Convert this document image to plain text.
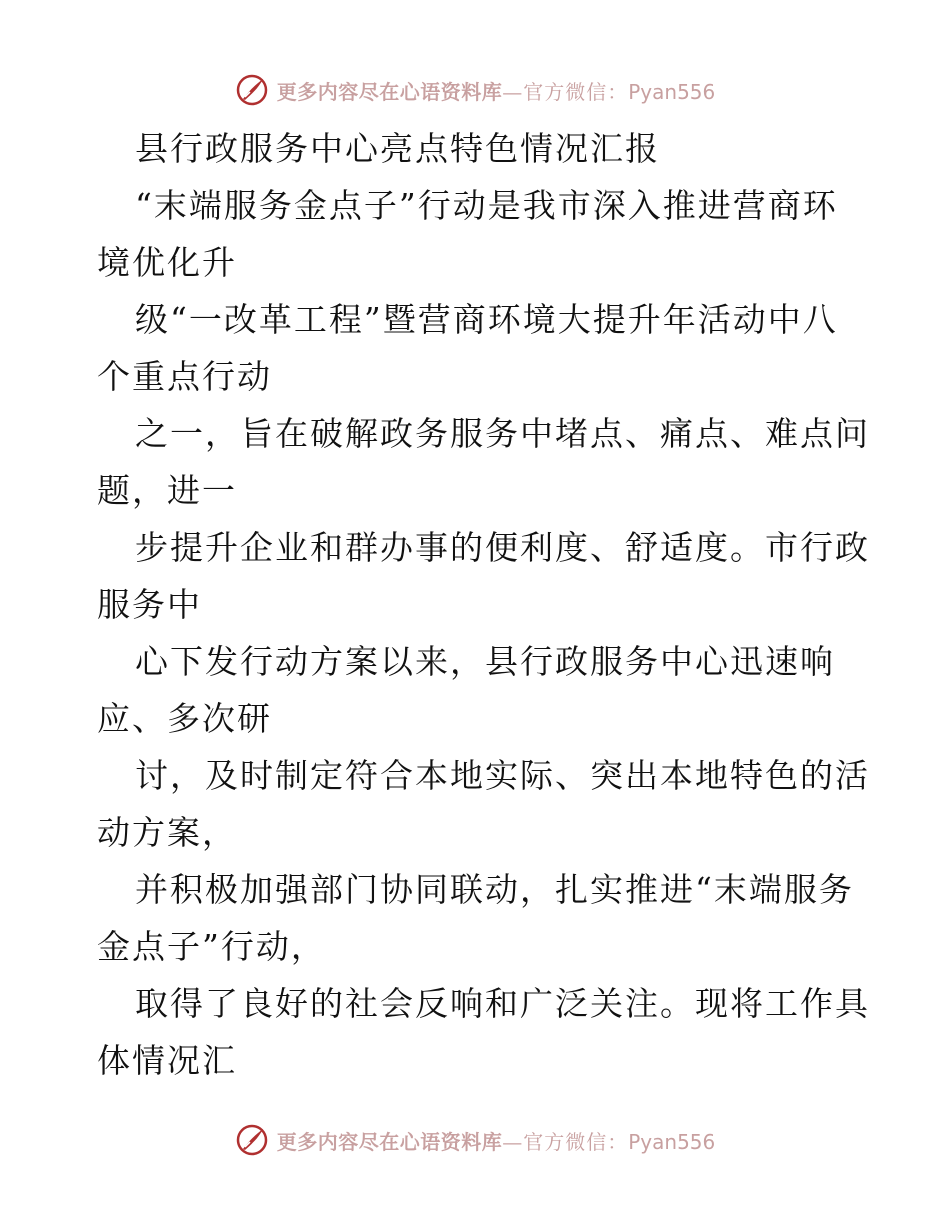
更多内容尽在心语资料库 —官方微信： Pyan556
县行政服务中心亮点特色情况汇报
“末端服务金点子”行动是我市深入推进营商环
境优化升
级“一改革工程”暨营商环境大提升年活动中八
个重点行动
之一，旨在破解政务服务中堵点、痛点、难点问
题，进一
步提升企业和群办事的便利度、舒适度。市行政
服务中
心下发行动方案以来，县行政服务中心迅速响
应、多次研
讨，及时制定符合本地实际、突出本地特色的活
动方案，
并积极加强部门协同联动，扎实推进“末端服务
金点子”行动，
取得了良好的社会反响和广泛关注。现将工作具
体情况汇
更多内容尽在心语资料库 —官方微信： Pyan556
